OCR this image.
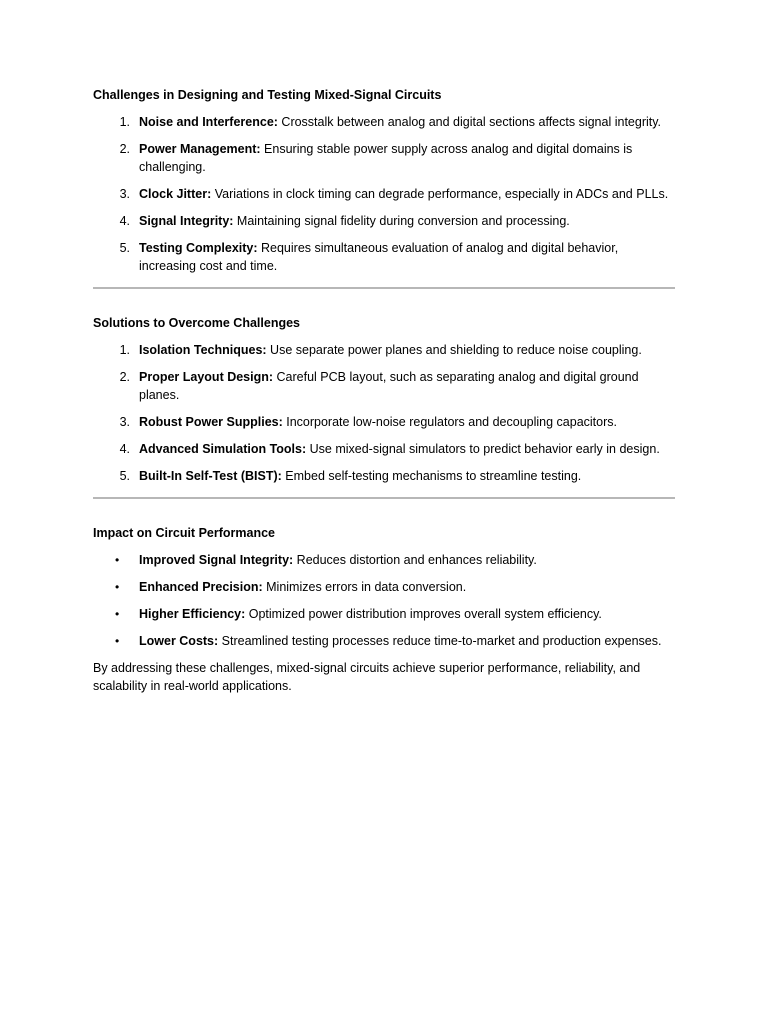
Challenges in Designing and Testing Mixed-Signal Circuits
1. Noise and Interference: Crosstalk between analog and digital sections affects signal integrity.
2. Power Management: Ensuring stable power supply across analog and digital domains is challenging.
3. Clock Jitter: Variations in clock timing can degrade performance, especially in ADCs and PLLs.
4. Signal Integrity: Maintaining signal fidelity during conversion and processing.
5. Testing Complexity: Requires simultaneous evaluation of analog and digital behavior, increasing cost and time.
Solutions to Overcome Challenges
1. Isolation Techniques: Use separate power planes and shielding to reduce noise coupling.
2. Proper Layout Design: Careful PCB layout, such as separating analog and digital ground planes.
3. Robust Power Supplies: Incorporate low-noise regulators and decoupling capacitors.
4. Advanced Simulation Tools: Use mixed-signal simulators to predict behavior early in design.
5. Built-In Self-Test (BIST): Embed self-testing mechanisms to streamline testing.
Impact on Circuit Performance
• Improved Signal Integrity: Reduces distortion and enhances reliability.
• Enhanced Precision: Minimizes errors in data conversion.
• Higher Efficiency: Optimized power distribution improves overall system efficiency.
• Lower Costs: Streamlined testing processes reduce time-to-market and production expenses.

By addressing these challenges, mixed-signal circuits achieve superior performance, reliability, and scalability in real-world applications.
